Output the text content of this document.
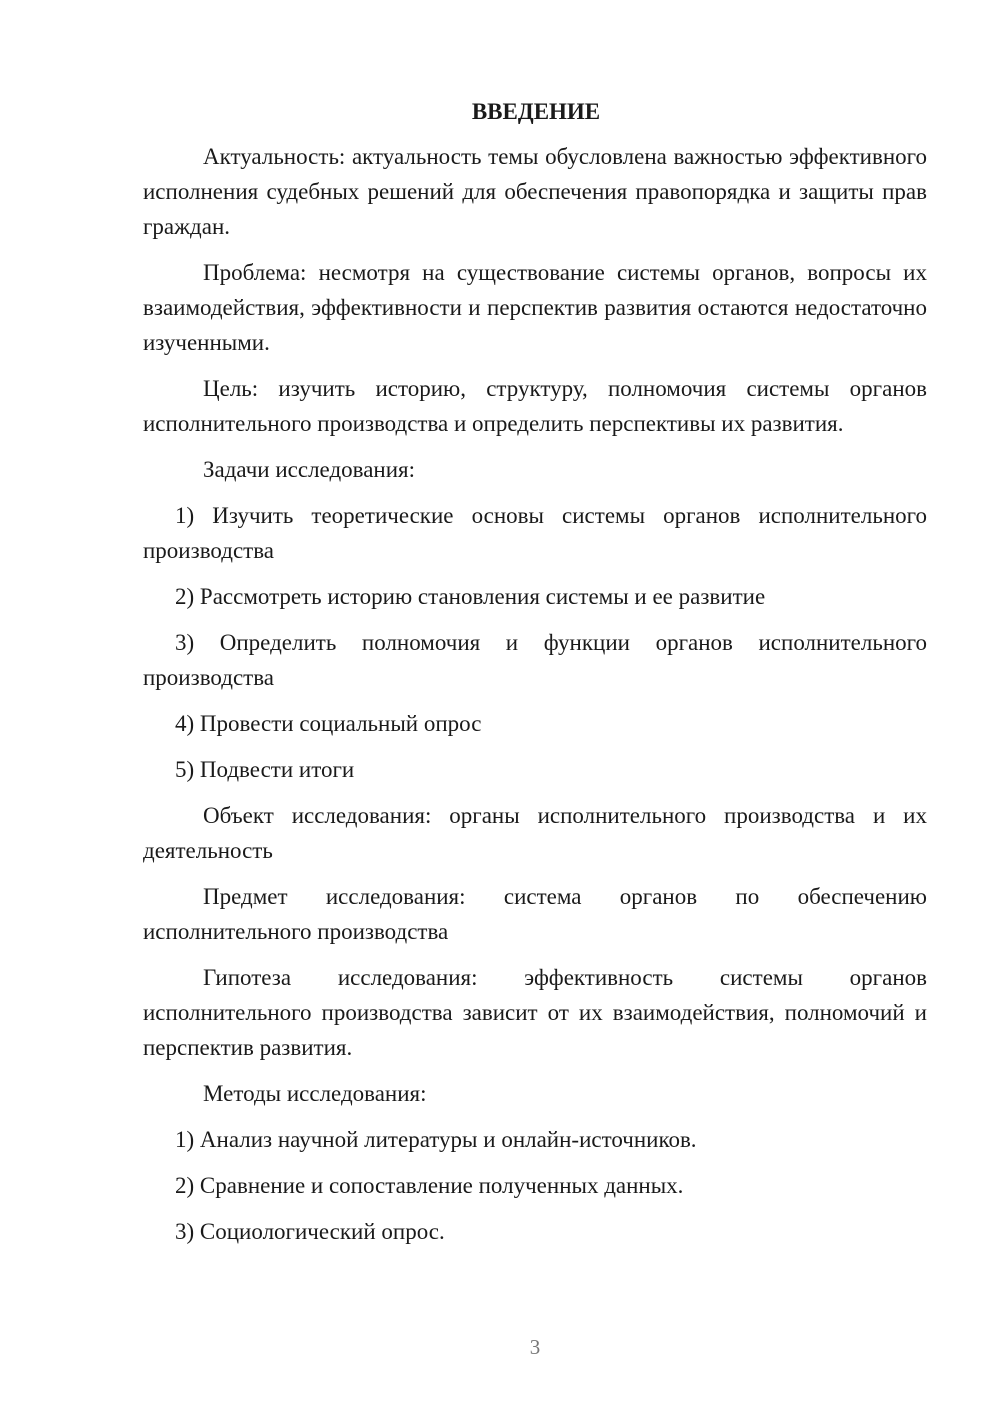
ВВЕДЕНИЕ

Актуальность: актуальность темы обусловлена важностью эффективного исполнения судебных решений для обеспечения правопорядка и защиты прав граждан.

Проблема: несмотря на существование системы органов, вопросы их взаимодействия, эффективности и перспектив развития остаются недостаточно изученными.

Цель: изучить историю, структуру, полномочия системы органов исполнительного производства и определить перспективы их развития.

Задачи исследования:

1) Изучить теоретические основы системы органов исполнительного производства

2) Рассмотреть историю становления системы и ее развитие

3) Определить полномочия и функции органов исполнительного производства

4) Провести социальный опрос

5) Подвести итоги

Объект исследования: органы исполнительного производства и их деятельность

Предмет исследования: система органов по обеспечению исполнительного производства

Гипотеза исследования: эффективность системы органов исполнительного производства зависит от их взаимодействия, полномочий и перспектив развития.

Методы исследования:

1) Анализ научной литературы и онлайн-источников.

2) Сравнение и сопоставление полученных данных.

3) Социологический опрос.

3
